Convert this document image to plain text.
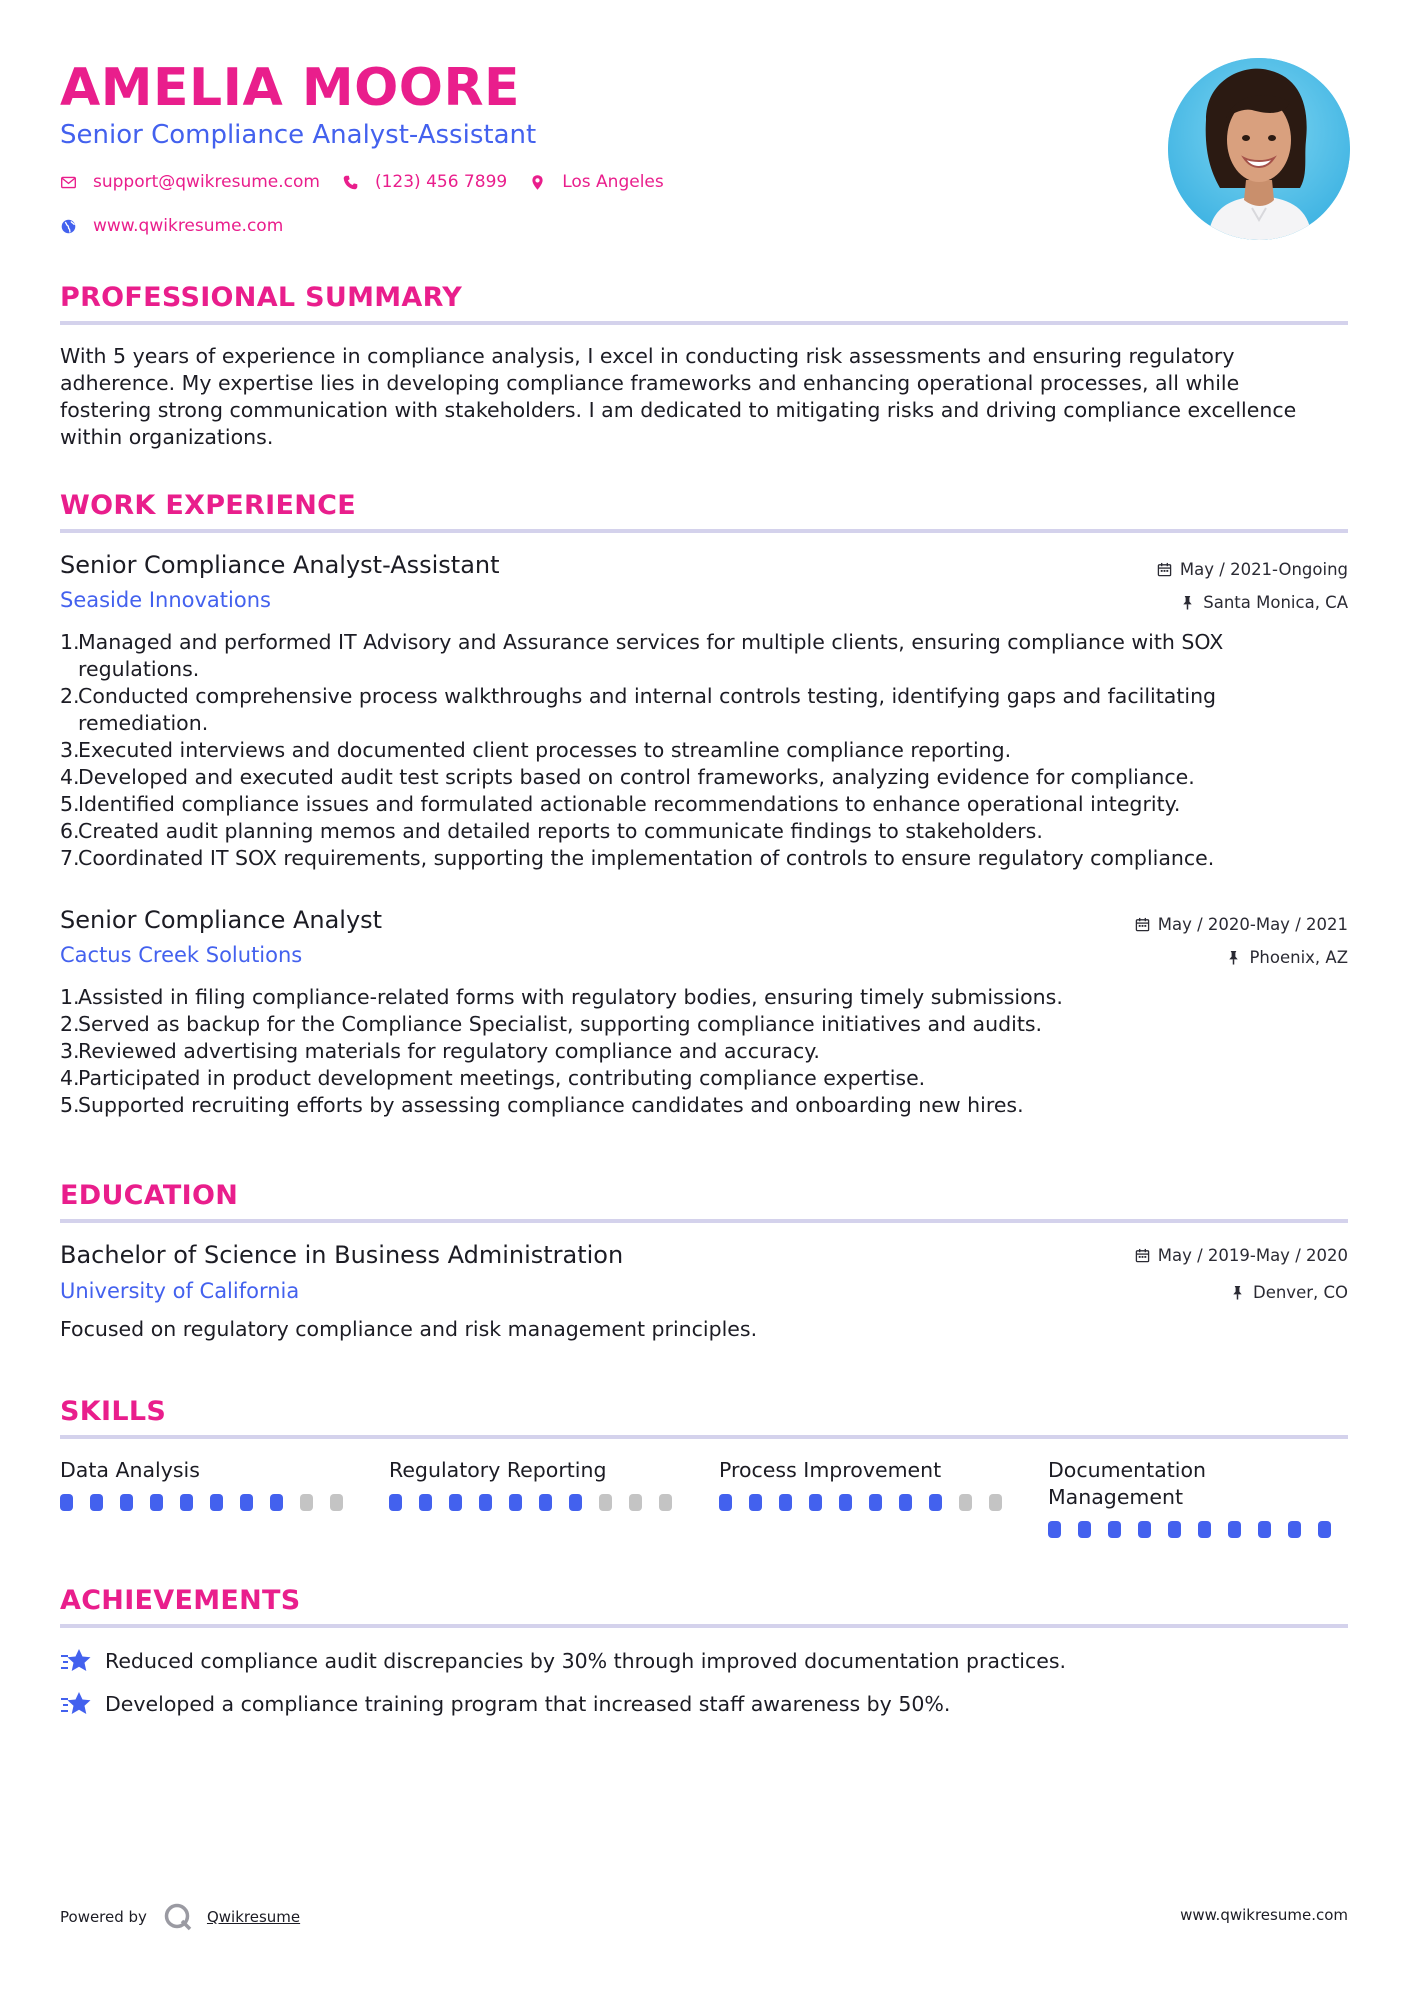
AMELIA MOORE
Senior Compliance Analyst-Assistant
support@qwikresume.com	(123) 456 7899	Los Angeles
www.qwikresume.com
PROFESSIONAL SUMMARY
With 5 years of experience in compliance analysis, I excel in conducting risk assessments and ensuring regulatory
adherence. My expertise lies in developing compliance frameworks and enhancing operational processes, all while
fostering strong communication with stakeholders. I am dedicated to mitigating risks and driving compliance excellence
within organizations.
WORK EXPERIENCE
Senior Compliance Analyst-Assistant	May / 2021-Ongoing
Seaside Innovations	Santa Monica, CA
1.
Managed and performed IT Advisory and Assurance services for multiple clients, ensuring compliance with SOX
regulations.
2.
Conducted comprehensive process walkthroughs and internal controls testing, identifying gaps and facilitating
remediation.
3.
Executed interviews and documented client processes to streamline compliance reporting.
4.
Developed and executed audit test scripts based on control frameworks, analyzing evidence for compliance.
5.
Identified compliance issues and formulated actionable recommendations to enhance operational integrity.
6.
Created audit planning memos and detailed reports to communicate findings to stakeholders.
7.
Coordinated IT SOX requirements, supporting the implementation of controls to ensure regulatory compliance.
Senior Compliance Analyst	May / 2020-May / 2021
Cactus Creek Solutions	Phoenix, AZ
1.
Assisted in filing compliance-related forms with regulatory bodies, ensuring timely submissions.
2.
Served as backup for the Compliance Specialist, supporting compliance initiatives and audits.
3.
Reviewed advertising materials for regulatory compliance and accuracy.
4.
Participated in product development meetings, contributing compliance expertise.
5.
Supported recruiting efforts by assessing compliance candidates and onboarding new hires.
EDUCATION
Bachelor of Science in Business Administration	May / 2019-May / 2020
University of California	Denver, CO
Focused on regulatory compliance and risk management principles.
SKILLS
Data Analysis	Regulatory Reporting	Process Improvement	Documentation
Management
ACHIEVEMENTS
Reduced compliance audit discrepancies by 30% through improved documentation practices.
Developed a compliance training program that increased staff awareness by 50%.
Powered by	Qwikresume	www.qwikresume.com
